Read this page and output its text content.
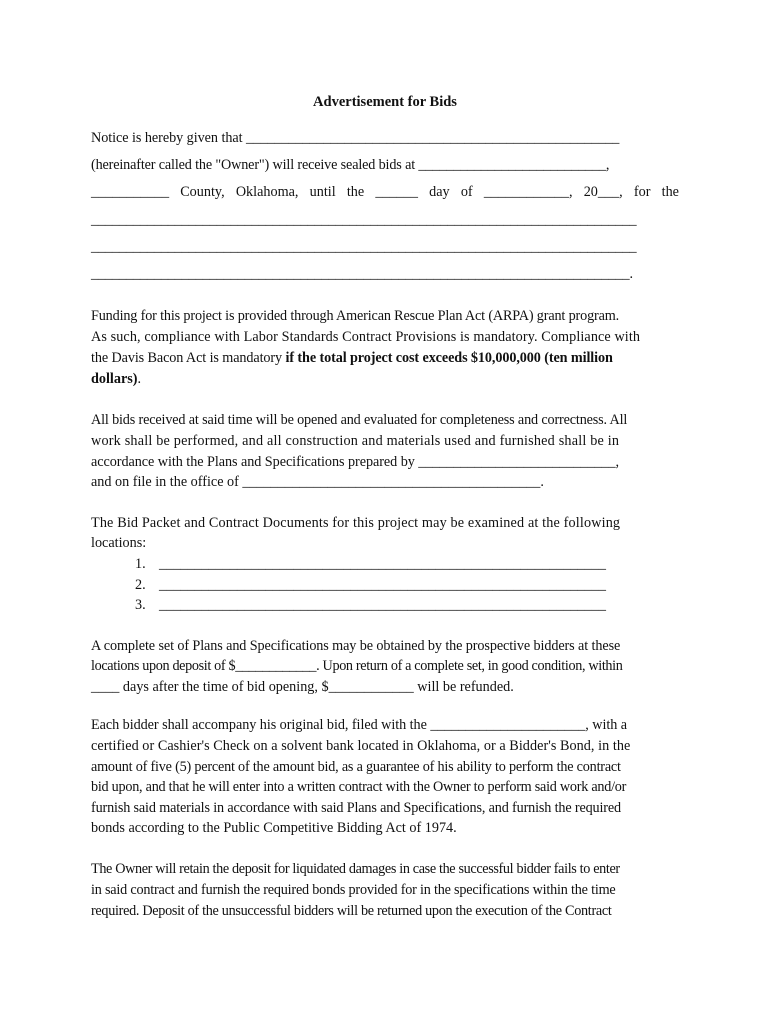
Advertisement for Bids
Notice is hereby given that _____________________________________________________
(hereinafter called the "Owner") will receive sealed bids at ___________________________,
___________ County, Oklahoma, until the ______ day of ____________, 20___, for the
______________________________________________________________________________
______________________________________________________________________________
_____________________________________________________________________________.
Funding for this project is provided through American Rescue Plan Act (ARPA) grant program.
As such, compliance with Labor Standards Contract Provisions is mandatory. Compliance with
the Davis Bacon Act is mandatory if the total project cost exceeds $10,000,000 (ten million
dollars).
All bids received at said time will be opened and evaluated for completeness and correctness. All
work shall be performed, and all construction and materials used and furnished shall be in
accordance with the Plans and Specifications prepared by ____________________________,
and on file in the office of __________________________________________.
The Bid Packet and Contract Documents for this project may be examined at the following
locations:
1. _______________________________________________________________
2. _______________________________________________________________
3. _______________________________________________________________
A complete set of Plans and Specifications may be obtained by the prospective bidders at these
locations upon deposit of $____________. Upon return of a complete set, in good condition, within
____ days after the time of bid opening, $____________ will be refunded.
Each bidder shall accompany his original bid, filed with the ______________________, with a
certified or Cashier's Check on a solvent bank located in Oklahoma, or a Bidder's Bond, in the
amount of five (5) percent of the amount bid, as a guarantee of his ability to perform the contract
bid upon, and that he will enter into a written contract with the Owner to perform said work and/or
furnish said materials in accordance with said Plans and Specifications, and furnish the required
bonds according to the Public Competitive Bidding Act of 1974.
The Owner will retain the deposit for liquidated damages in case the successful bidder fails to enter
in said contract and furnish the required bonds provided for in the specifications within the time
required. Deposit of the unsuccessful bidders will be returned upon the execution of the Contract
